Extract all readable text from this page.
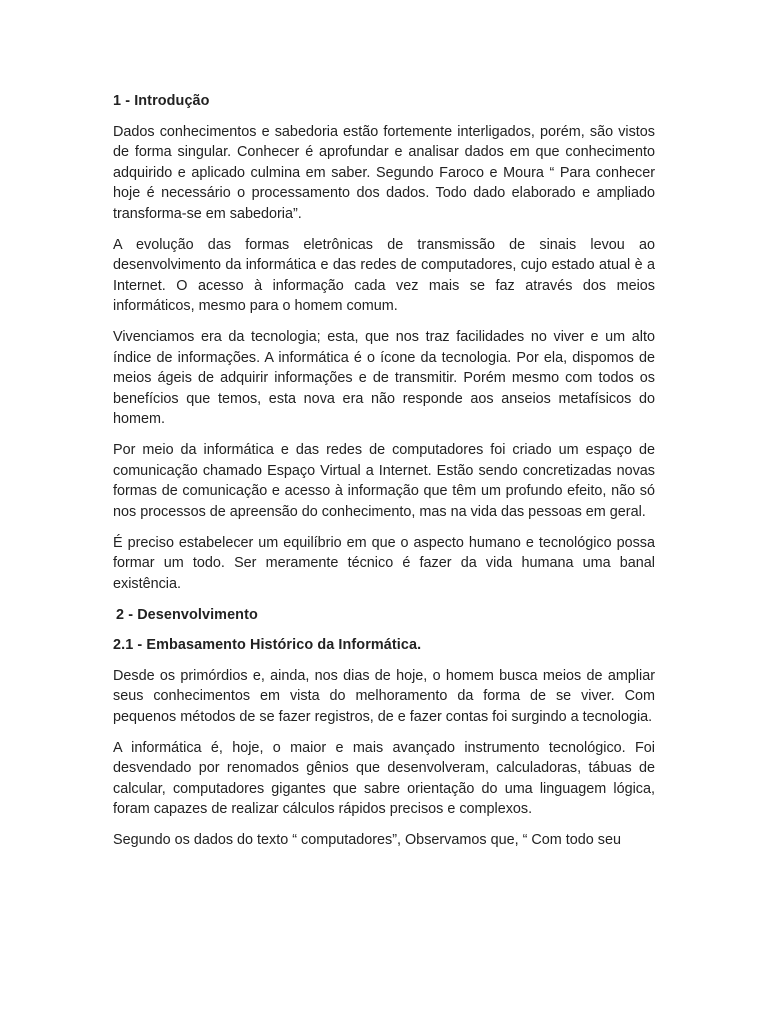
1 - Introdução

Dados conhecimentos e sabedoria estão fortemente interligados, porém, são vistos de forma singular. Conhecer é aprofundar e analisar dados em que conhecimento adquirido e aplicado culmina em saber. Segundo Faroco e Moura “ Para conhecer hoje é necessário o processamento dos dados. Todo dado elaborado e ampliado transforma-se em sabedoria”.

A evolução das formas eletrônicas de transmissão de sinais levou ao desenvolvimento da informática e das redes de computadores, cujo estado atual è a Internet. O acesso à informação cada vez mais se faz através dos meios informáticos, mesmo para o homem comum.

Vivenciamos era da tecnologia; esta, que nos traz facilidades no viver e um alto índice de informações. A informática é o ícone da tecnologia. Por ela, dispomos de meios ágeis de adquirir informações e de transmitir. Porém mesmo com todos os benefícios que temos, esta nova era não responde aos anseios metafísicos do homem.

Por meio da informática e das redes de computadores foi criado um espaço de comunicação chamado Espaço Virtual a Internet. Estão sendo concretizadas novas formas de comunicação e acesso à informação que têm um profundo efeito, não só nos processos de apreensão do conhecimento, mas na vida das pessoas em geral.

É preciso estabelecer um equilíbrio em que o aspecto humano e tecnológico possa formar um todo. Ser meramente técnico é fazer da vida humana uma banal existência.

2 - Desenvolvimento

2.1 - Embasamento Histórico da Informática.

Desde os primórdios e, ainda, nos dias de hoje, o homem busca meios de ampliar seus conhecimentos em vista do melhoramento da forma de se viver. Com pequenos métodos de se fazer registros, de e fazer contas foi surgindo a tecnologia.

A informática é, hoje, o maior e mais avançado instrumento tecnológico. Foi desvendado por renomados gênios que desenvolveram, calculadoras, tábuas de calcular, computadores gigantes que sabre orientação do uma linguagem lógica, foram capazes de realizar cálculos rápidos precisos e complexos.

Segundo os dados do texto “ computadores”, Observamos que, “ Com todo seu
